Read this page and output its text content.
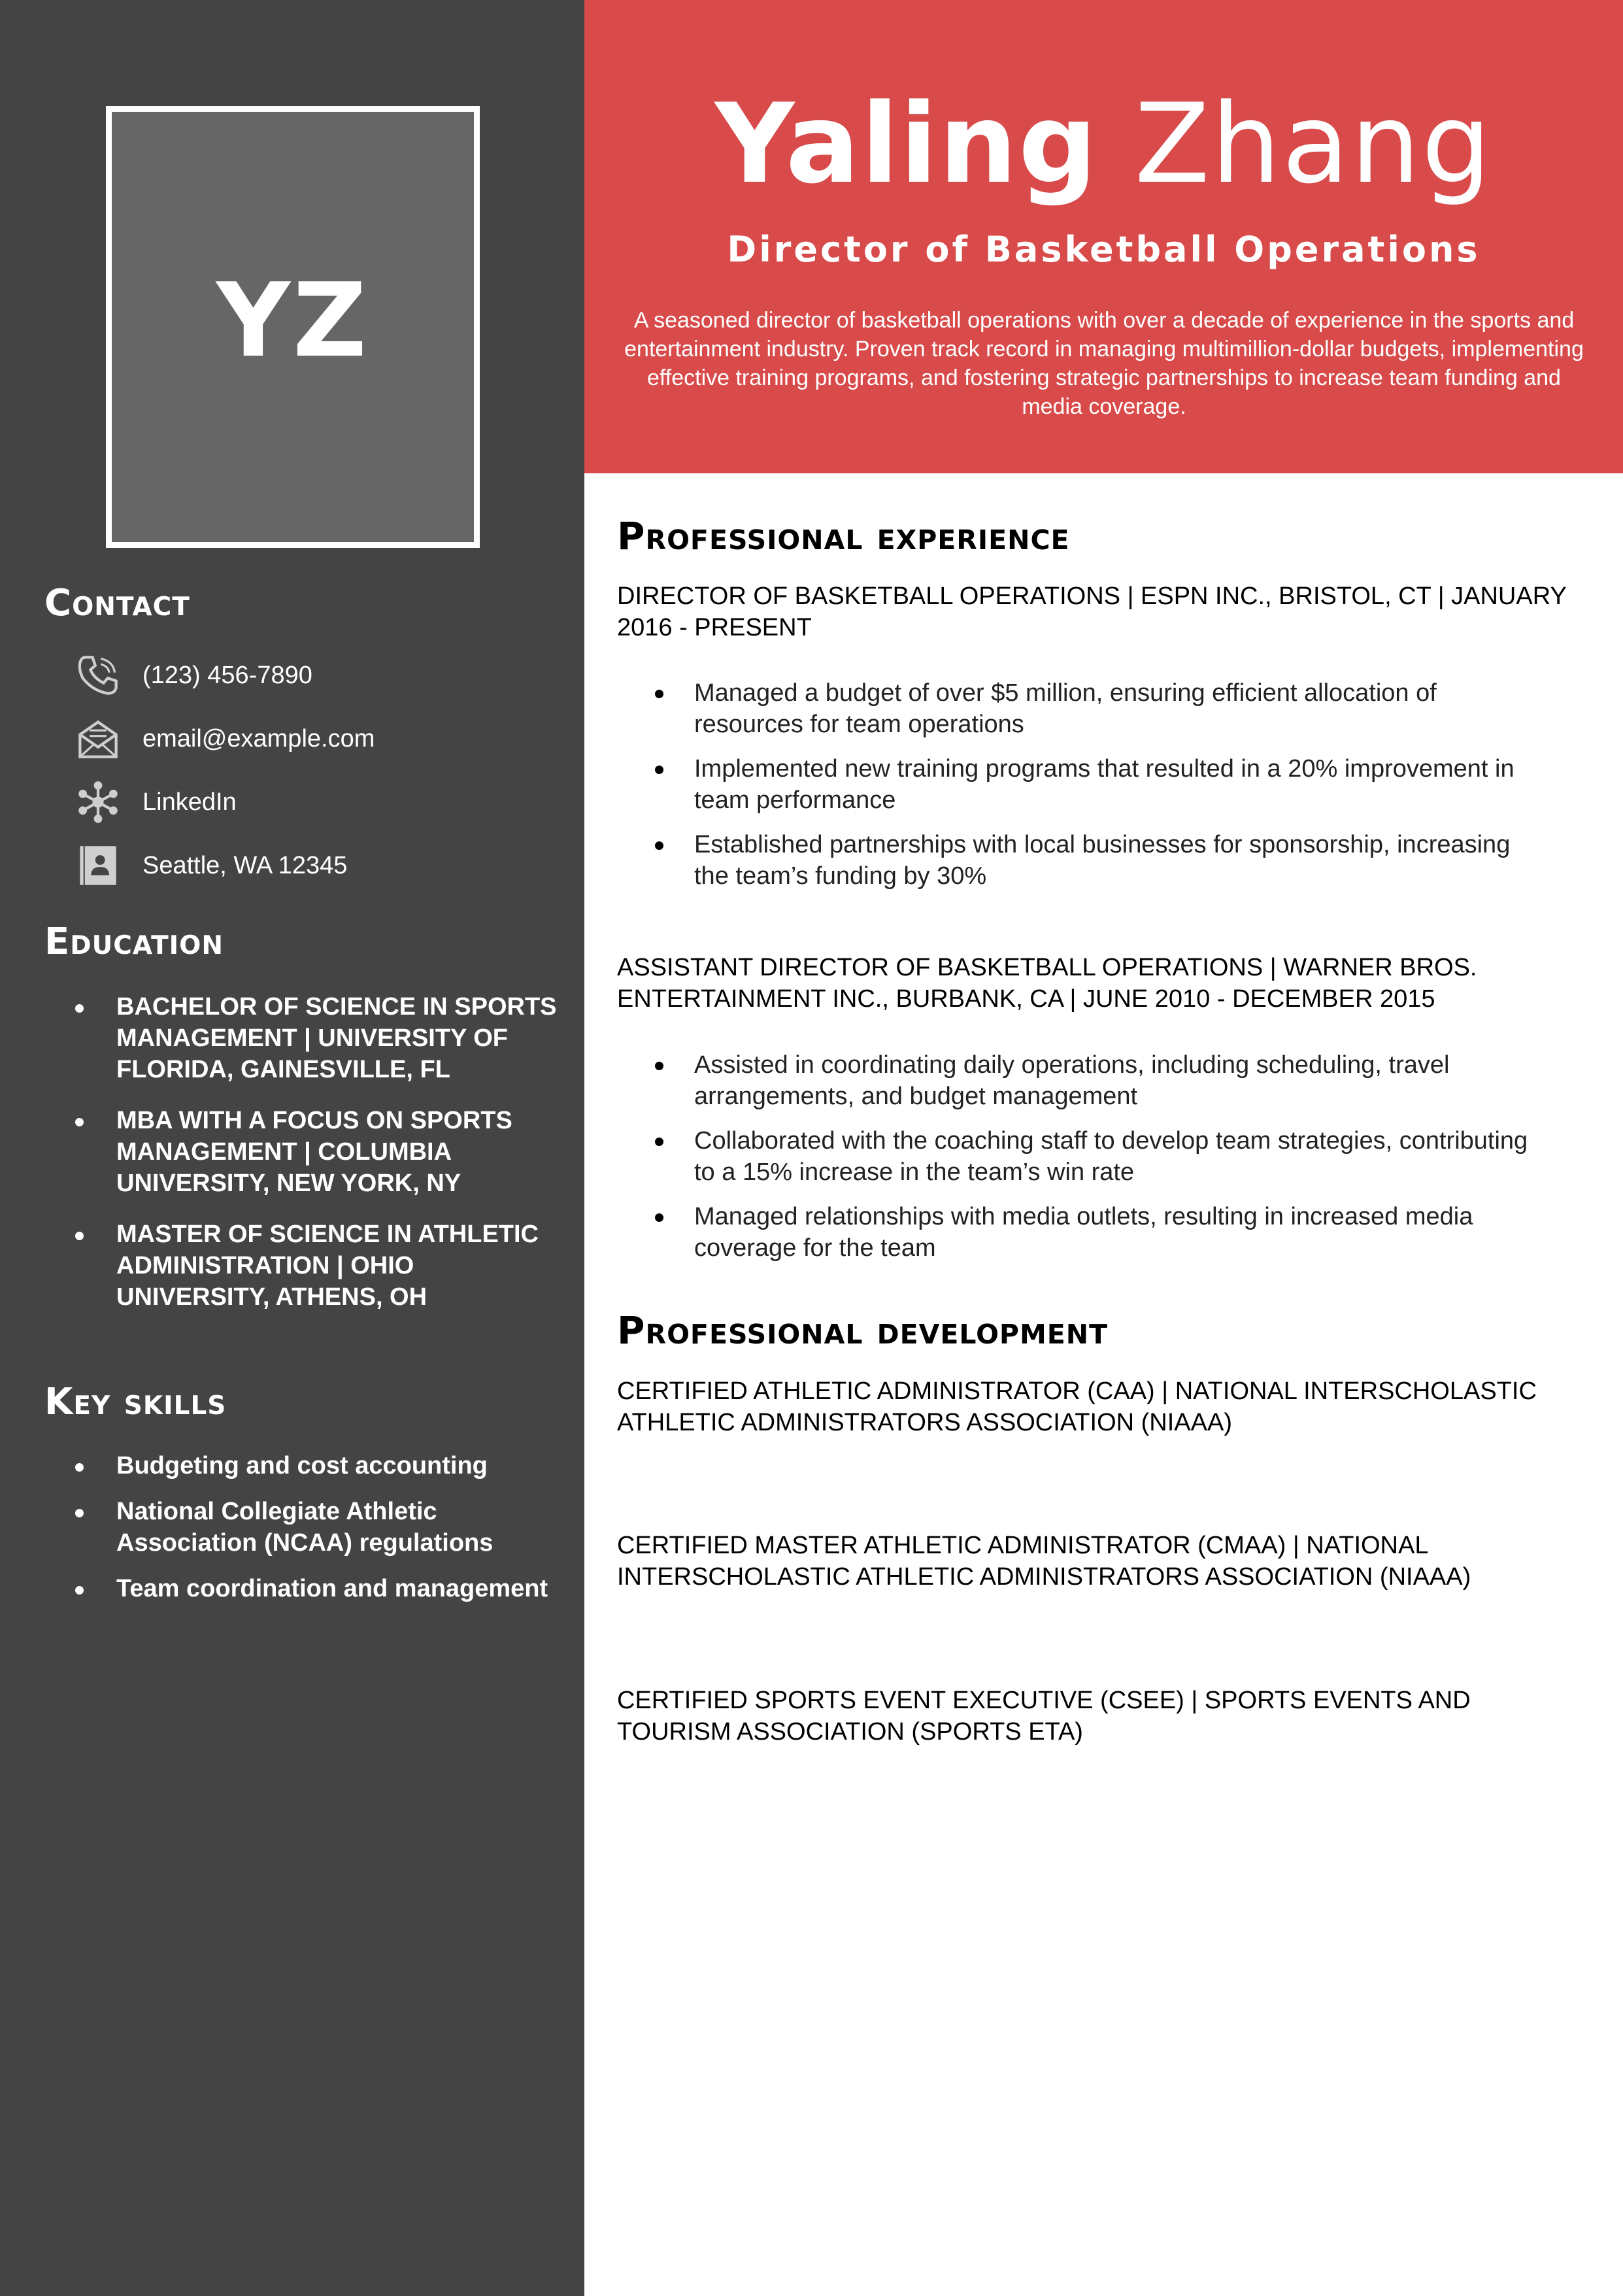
YZ
Contact
(123) 456-7890
email@example.com
LinkedIn
Seattle, WA 12345
Education
BACHELOR OF SCIENCE IN SPORTS MANAGEMENT | UNIVERSITY OF FLORIDA, GAINESVILLE, FL
MBA WITH A FOCUS ON SPORTS MANAGEMENT | COLUMBIA UNIVERSITY, NEW YORK, NY
MASTER OF SCIENCE IN ATHLETIC ADMINISTRATION | OHIO UNIVERSITY, ATHENS, OH
Key skills
Budgeting and cost accounting
National Collegiate Athletic Association (NCAA) regulations
Team coordination and management
Yaling Zhang
Director of Basketball Operations
A seasoned director of basketball operations with over a decade of experience in the sports and entertainment industry. Proven track record in managing multimillion-dollar budgets, implementing effective training programs, and fostering strategic partnerships to increase team funding and media coverage.
Professional experience

DIRECTOR OF BASKETBALL OPERATIONS | ESPN INC., BRISTOL, CT | JANUARY 2016 - PRESENT

Managed a budget of over $5 million, ensuring efficient allocation of resources for team operations
Implemented new training programs that resulted in a 20% improvement in team performance
Established partnerships with local businesses for sponsorship, increasing the team’s funding by 30%

ASSISTANT DIRECTOR OF BASKETBALL OPERATIONS | WARNER BROS. ENTERTAINMENT INC., BURBANK, CA | JUNE 2010 - DECEMBER 2015

Assisted in coordinating daily operations, including scheduling, travel arrangements, and budget management
Collaborated with the coaching staff to develop team strategies, contributing to a 15% increase in the team’s win rate
Managed relationships with media outlets, resulting in increased media coverage for the team
Professional development

CERTIFIED ATHLETIC ADMINISTRATOR (CAA) | NATIONAL INTERSCHOLASTIC ATHLETIC ADMINISTRATORS ASSOCIATION (NIAAA)

CERTIFIED MASTER ATHLETIC ADMINISTRATOR (CMAA) | NATIONAL INTERSCHOLASTIC ATHLETIC ADMINISTRATORS ASSOCIATION (NIAAA)

CERTIFIED SPORTS EVENT EXECUTIVE (CSEE) | SPORTS EVENTS AND TOURISM ASSOCIATION (SPORTS ETA)
